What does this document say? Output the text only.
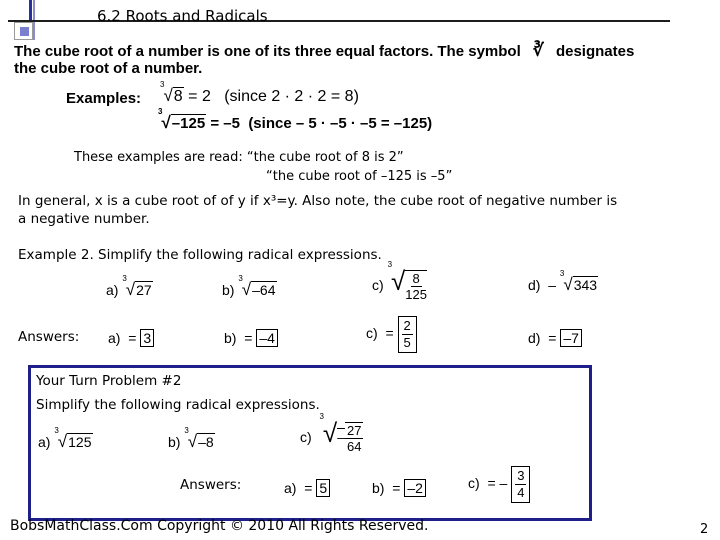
6.2 Roots and Radicals
The cube root of a number is one of its three equal factors. The symbol ∛ designates
the cube root of a number.
Examples:
$^3$√8 = 2 (since 2 · 2 · 2 = 8)
$^3$√–125 = –5 (since – 5 · –5 · –5 = –125)
These examples are read: “the cube root of 8 is 2”
“the cube root of –125 is –5”
In general, x is a cube root of of y if x³=y. Also note, the cube root of negative number is
a negative number.
Example 2. Simplify the following radical expressions.
a) $^3$√27	b) $^3$√–64	c) $^3√ \frac{8}{125}$	d) – $^3$√343
Answers: a)  = 3	b)  = –4	$c) = \frac{2}{5}$	d)  = –7
Your Turn Problem #2
Simplify the following radical expressions.
a) $^3$√125	b) $^3$√–8	c)  $^3√- \frac{27}{64}$
Answers:	a)  = 5	b)  = –2	c)  = – $\frac{3}{4}$
BobsMathClass.Com Copyright © 2010 All Rights Reserved.	2
